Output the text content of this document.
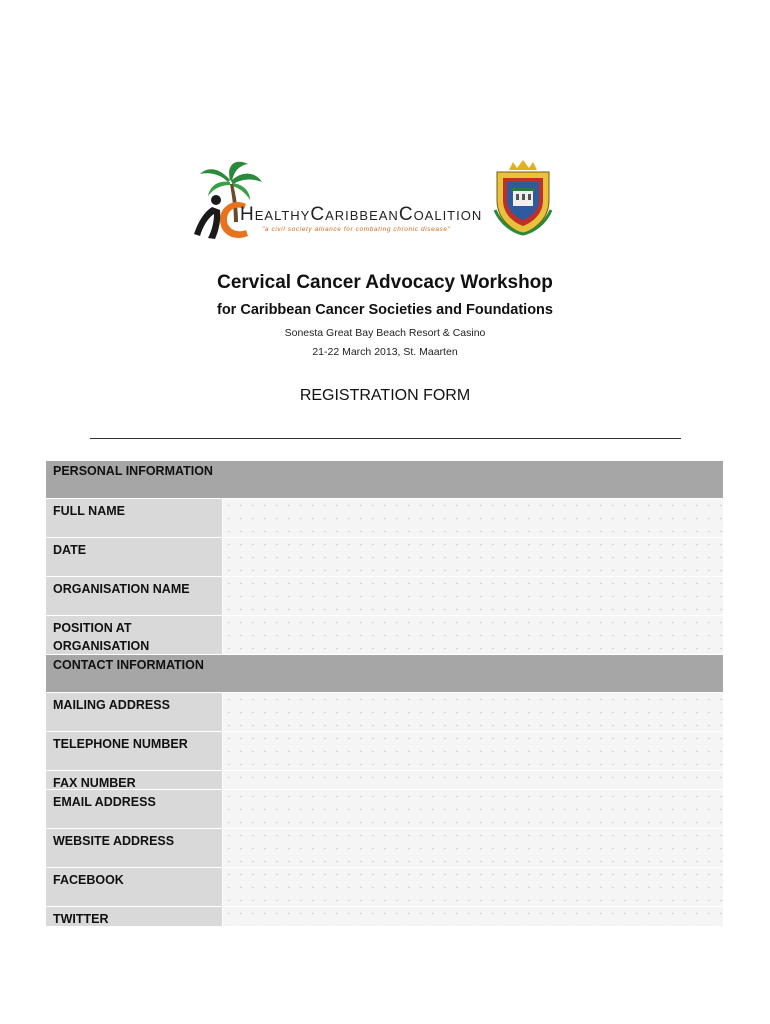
HEALTHYCARIBBEANCOALITION
"a civil society alliance for combating chronic disease"
Cervical Cancer Advocacy Workshop
for Caribbean Cancer Societies and Foundations
Sonesta Great Bay Beach Resort & Casino
21-22 March 2013, St. Maarten
REGISTRATION FORM
PERSONAL INFORMATION
FULL NAME
DATE
ORGANISATION NAME
POSITION AT ORGANISATION
CONTACT INFORMATION
MAILING ADDRESS
TELEPHONE NUMBER
FAX NUMBER
EMAIL ADDRESS
WEBSITE ADDRESS
FACEBOOK
TWITTER
